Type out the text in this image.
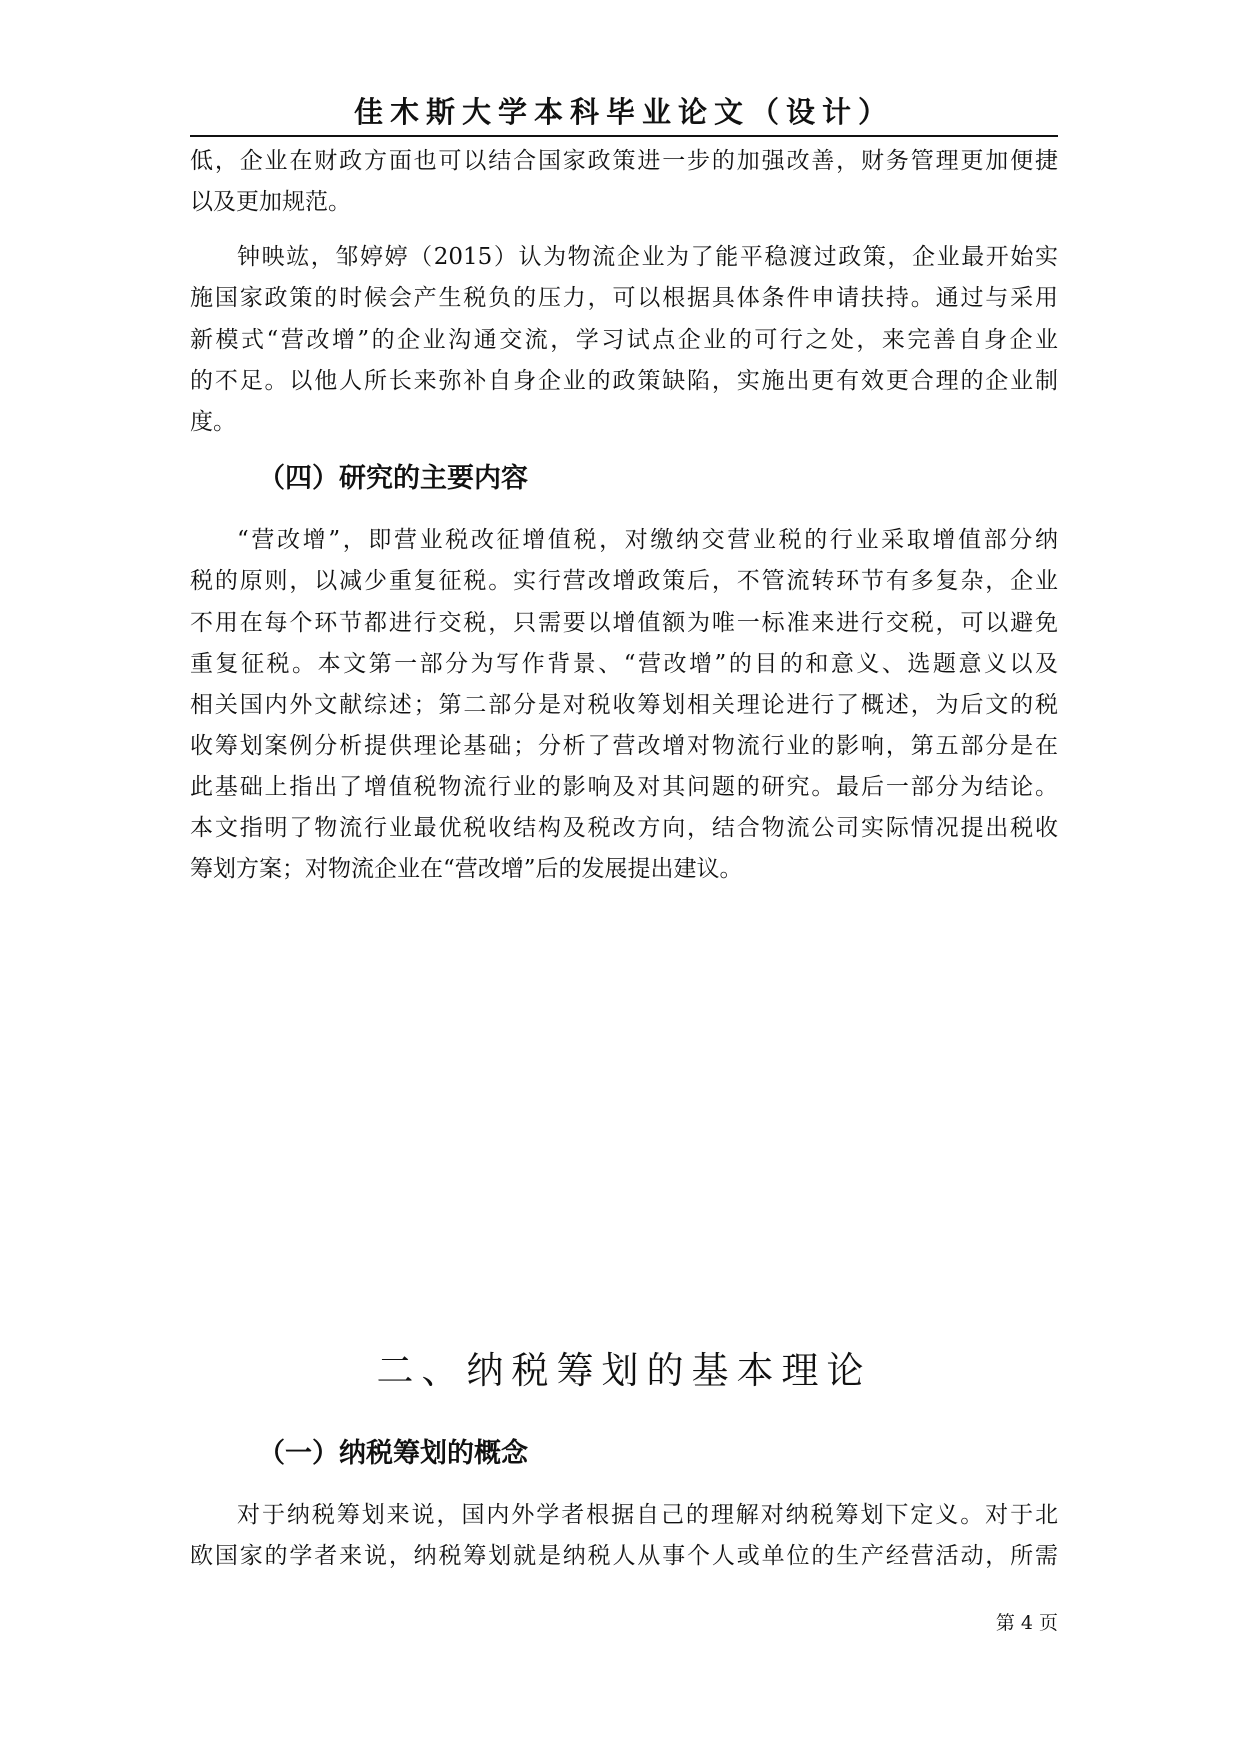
佳木斯大学本科毕业论文（设计）
低，企业在财政方面也可以结合国家政策进一步的加强改善，财务管理更加便捷
以及更加规范。
钟映竑，邹婷婷（2015）认为物流企业为了能平稳渡过政策，企业最开始实
施国家政策的时候会产生税负的压力，可以根据具体条件申请扶持。通过与采用
新模式“营改增”的企业沟通交流，学习试点企业的可行之处，来完善自身企业
的不足。以他人所长来弥补自身企业的政策缺陷，实施出更有效更合理的企业制
度。
（四）研究的主要内容
“营改增”，即营业税改征增值税，对缴纳交营业税的行业采取增值部分纳
税的原则，以减少重复征税。实行营改增政策后，不管流转环节有多复杂，企业
不用在每个环节都进行交税，只需要以增值额为唯一标准来进行交税，可以避免
重复征税。本文第一部分为写作背景、“营改增”的目的和意义、选题意义以及
相关国内外文献综述；第二部分是对税收筹划相关理论进行了概述，为后文的税
收筹划案例分析提供理论基础；分析了营改增对物流行业的影响，第五部分是在
此基础上指出了增值税物流行业的影响及对其问题的研究。最后一部分为结论。
本文指明了物流行业最优税收结构及税改方向，结合物流公司实际情况提出税收
筹划方案；对物流企业在“营改增”后的发展提出建议。
二、纳税筹划的基本理论
（一）纳税筹划的概念
对于纳税筹划来说，国内外学者根据自己的理解对纳税筹划下定义。对于北
欧国家的学者来说，纳税筹划就是纳税人从事个人或单位的生产经营活动，所需
第 4 页
